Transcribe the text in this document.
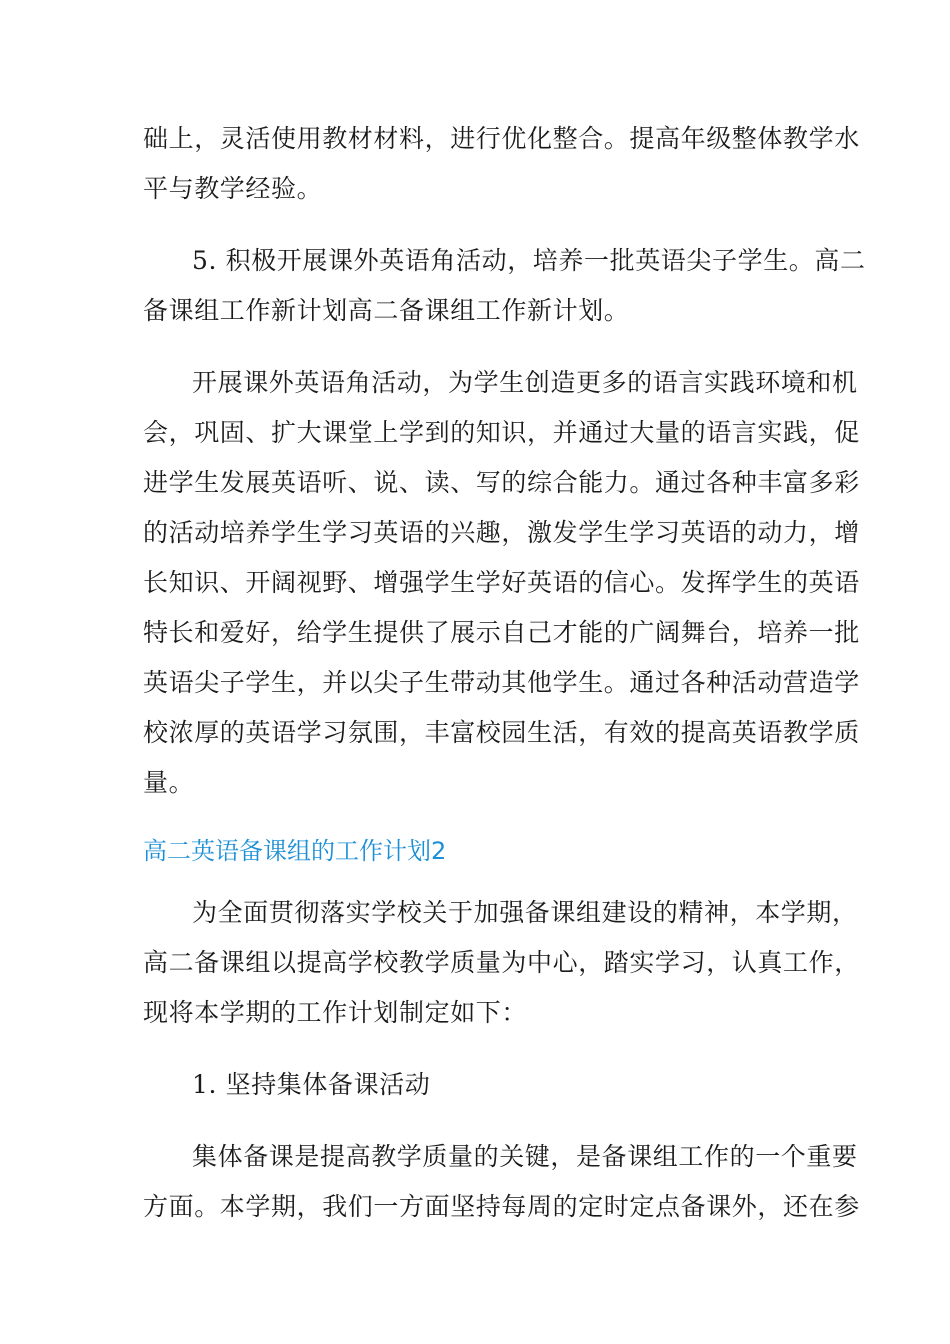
础上，灵活使用教材材料，进行优化整合。提高年级整体教学水

平与教学经验。

5. 积极开展课外英语角活动，培养一批英语尖子学生。高二

备课组工作新计划高二备课组工作新计划。

开展课外英语角活动，为学生创造更多的语言实践环境和机

会，巩固、扩大课堂上学到的知识，并通过大量的语言实践，促

进学生发展英语听、说、读、写的综合能力。通过各种丰富多彩

的活动培养学生学习英语的兴趣，激发学生学习英语的动力，增

长知识、开阔视野、增强学生学好英语的信心。发挥学生的英语

特长和爱好，给学生提供了展示自己才能的广阔舞台，培养一批

英语尖子学生，并以尖子生带动其他学生。通过各种活动营造学

校浓厚的英语学习氛围，丰富校园生活，有效的提高英语教学质

量。

高二英语备课组的工作计划2

为全面贯彻落实学校关于加强备课组建设的精神，本学期，

高二备课组以提高学校教学质量为中心，踏实学习，认真工作，

现将本学期的工作计划制定如下：

1. 坚持集体备课活动

集体备课是提高教学质量的关键，是备课组工作的一个重要

方面。本学期，我们一方面坚持每周的定时定点备课外，还在参
